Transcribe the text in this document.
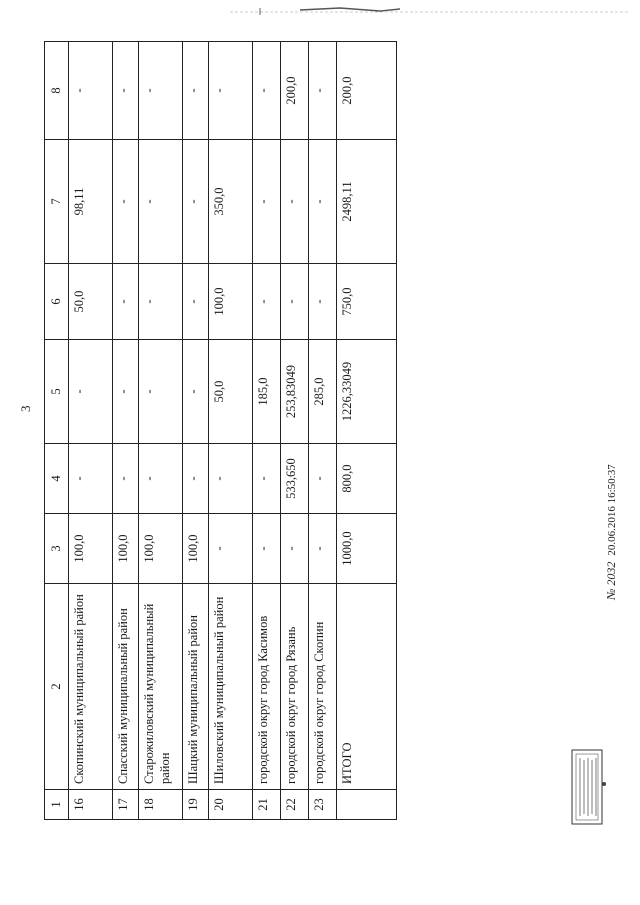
3
1	2	3	4	5	6	7	8
16	Скопинский муниципальный район	100,0	-	-	50,0	98,11	-
17	Спасский муниципальный район	100,0	-	-	-	-	-
18	Старожиловский муниципальный район	100,0	-	-	-	-	-
19	Шацкий муниципальный район	100,0	-	-	-	-	-
20	Шиловский муниципальный район	-	-	50,0	100,0	350,0	-
21	городской округ город Касимов	-	-	185,0	-	-	-
22	городской округ город Рязань	-	533,650	253,83049	-	-	200,0
23	городской округ город Скопин	-	-	285,0	-	-	-
	ИТОГО	1000,0	800,0	1226,33049	750,0	2498,11	200,0
№ 203220.06.2016 16:50:37
